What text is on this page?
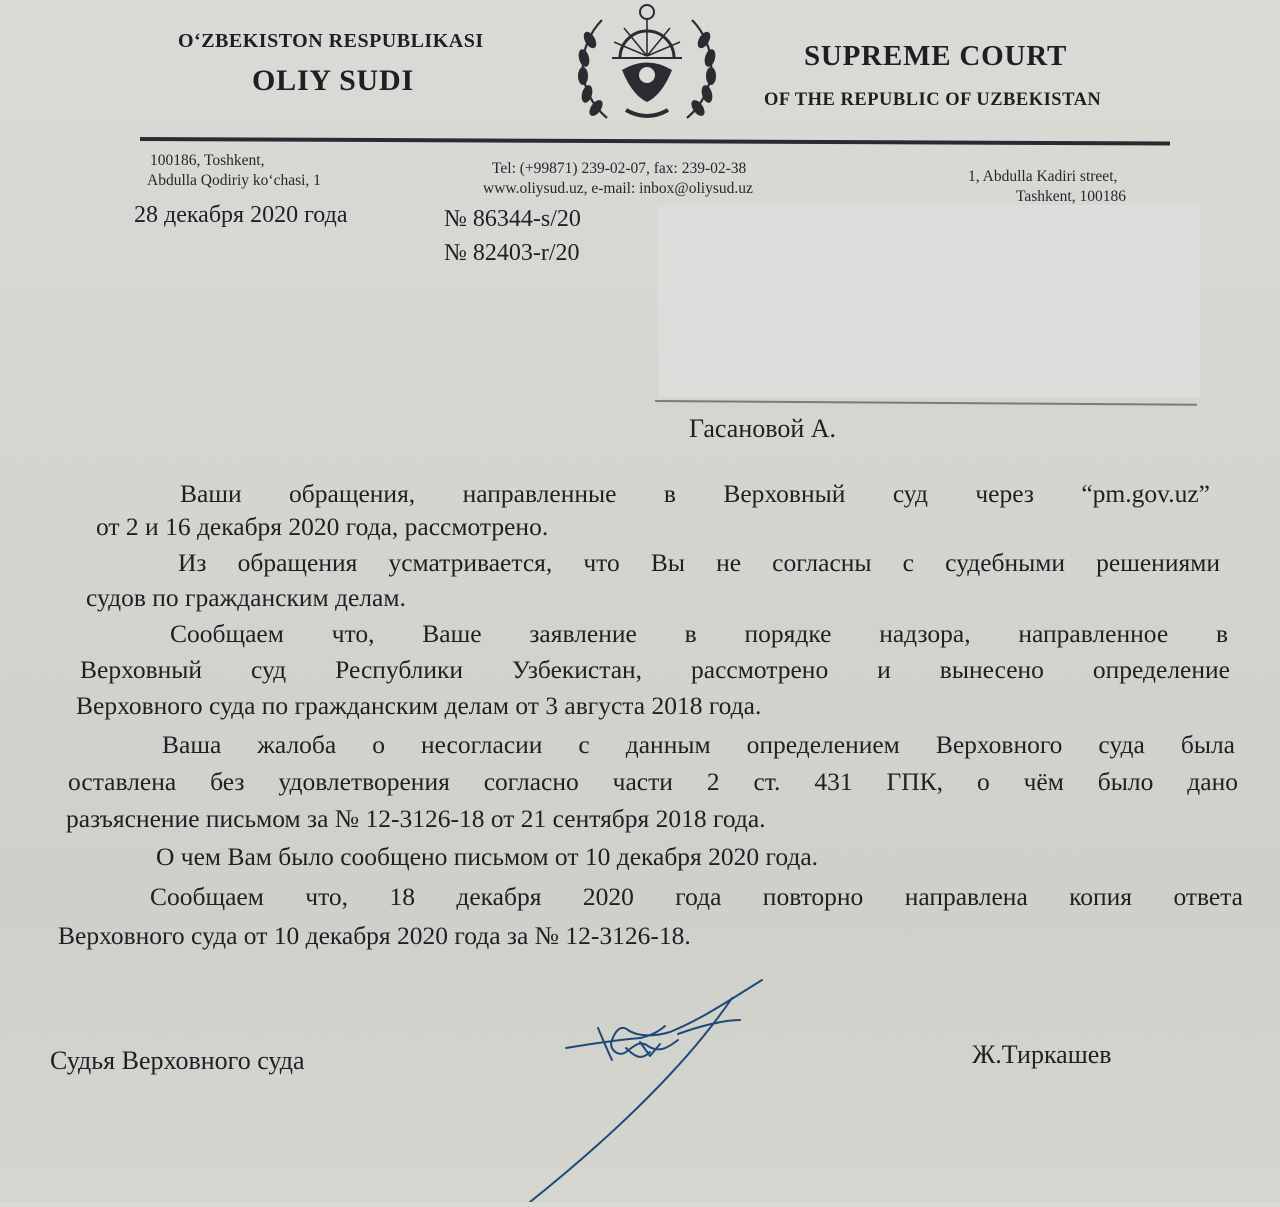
O‘ZBEKISTON RESPUBLIKASI
OLIY SUDI
SUPREME COURT
OF THE REPUBLIC OF UZBEKISTAN
100186, Toshkent,
Abdulla Qodiriy ko‘chasi, 1
Tel: (+99871) 239-02-07, fax: 239-02-38
www.oliysud.uz, e-mail: inbox@oliysud.uz
1, Abdulla Kadiri street,
Tashkent, 100186
28 декабря 2020 года	№ 86344-s/20
№ 82403-r/20
Гасановой А.
Ваши обращения, направленные в Верховный суд через “pm.gov.uz”
от 2 и 16 декабря 2020 года, рассмотрено.
Из обращения усматривается, что Вы не согласны с судебными решениями
судов по гражданским делам.
Сообщаем что, Ваше заявление в порядке надзора, направленное в
Верховный суд Республики Узбекистан, рассмотрено и вынесено определение
Верховного суда по гражданским делам от 3 августа 2018 года.
Ваша жалоба о несогласии с данным определением Верховного суда была
оставлена без удовлетворения согласно части 2 ст. 431 ГПК, о чём было дано
разъяснение письмом за № 12-3126-18 от 21 сентября 2018 года.
О чем Вам было сообщено письмом от 10 декабря 2020 года.
Сообщаем что, 18 декабря 2020 года повторно направлена копия ответа
Верховного суда от 10 декабря 2020 года за № 12-3126-18.
Судья Верховного суда	Ж.Тиркашев
